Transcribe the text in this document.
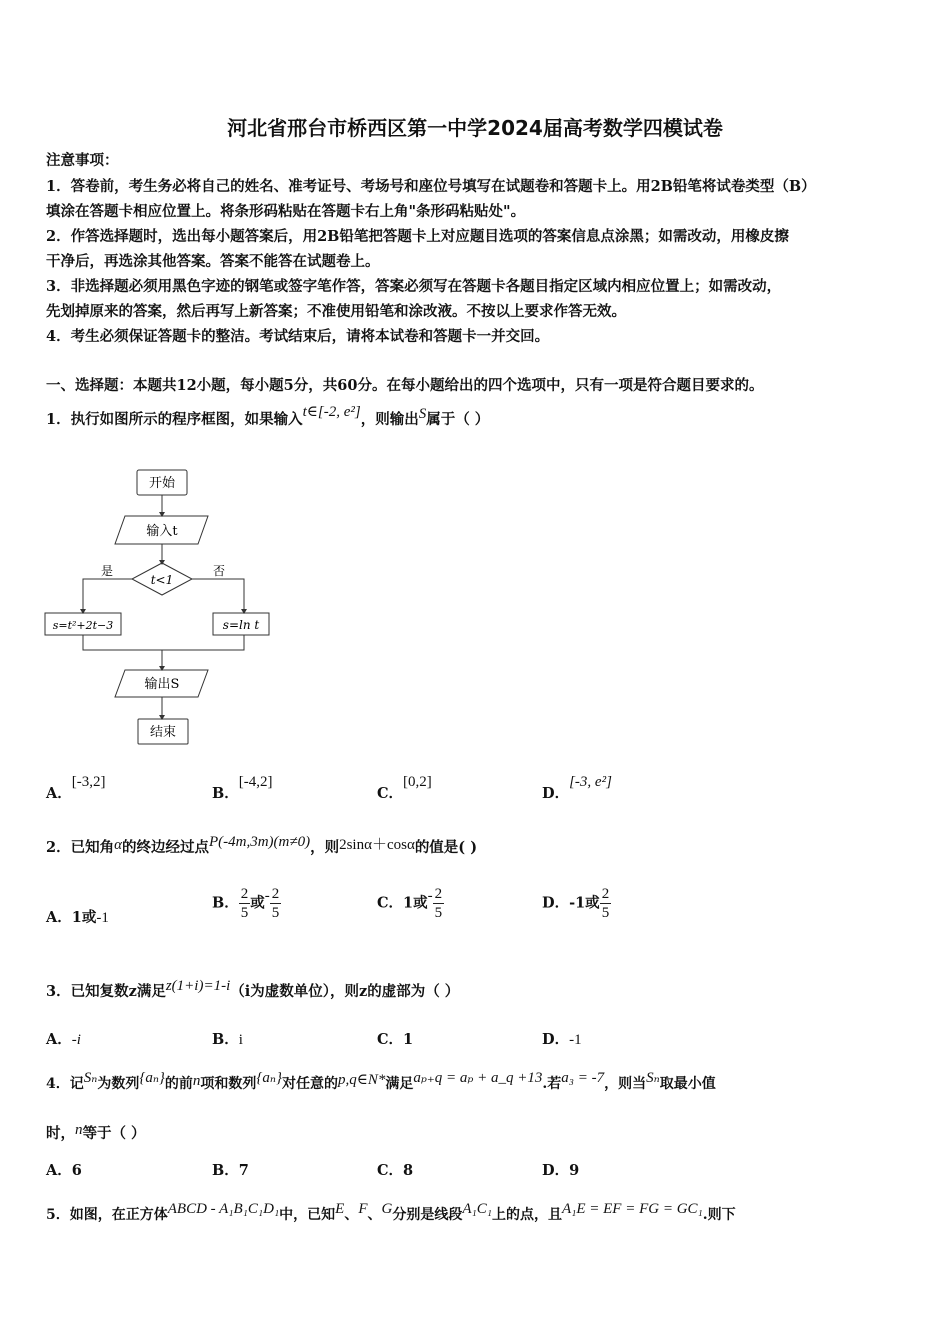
河北省邢台市桥西区第一中学2024届高考数学四模试卷
注意事项：
1．答卷前，考生务必将自己的姓名、准考证号、考场号和座位号填写在试题卷和答题卡上。用2B铅笔将试卷类型（B）
填涂在答题卡相应位置上。将条形码粘贴在答题卡右上角"条形码粘贴处"。
2．作答选择题时，选出每小题答案后，用2B铅笔把答题卡上对应题目选项的答案信息点涂黑；如需改动，用橡皮擦
干净后，再选涂其他答案。答案不能答在试题卷上。
3．非选择题必须用黑色字迹的钢笔或签字笔作答，答案必须写在答题卡各题目指定区域内相应位置上；如需改动，
先划掉原来的答案，然后再写上新答案；不准使用铅笔和涂改液。不按以上要求作答无效。
4．考生必须保证答题卡的整洁。考试结束后，请将本试卷和答题卡一并交回。
一、选择题：本题共12小题，每小题5分，共60分。在每小题给出的四个选项中，只有一项是符合题目要求的。
1．执行如图所示的程序框图，如果输入t∈[-2, e²]，则输出S属于（ ）
开始
输入t
t<1
是	否
s=t²+2t−3	s=ln t
输出S
结束
A．[-3,2]
B．[-4,2]
C．[0,2]
D．[-3, e²]
2．已知角α的终边经过点P(-4m,3m)(m≠0)，则2sinα＋cosα的值是( )
A．1或-1
B． $\frac{2}{5}$ 或- $\frac{2}{5}$	C．1或- $\frac{2}{5}$	D．-1或 $\frac{2}{5}$
3．已知复数z满足z(1+i)=1-i（i为虚数单位），则z的虚部为（ ）
A．-i	B．i	C．1	D．-1
4．记Sₙ为数列{aₙ}的前n项和数列{aₙ}对任意的p,q∈N*满足aₚ₊q = aₚ + a_q +13.若a₃ = -7，则当Sₙ取最小值
时，n等于（ ）
A．6	B．7	C．8	D．9
5．如图，在正方体ABCD - A₁B₁C₁D₁中，已知E、F、G分别是线段A₁C₁上的点，且A₁E = EF = FG = GC₁.则下
